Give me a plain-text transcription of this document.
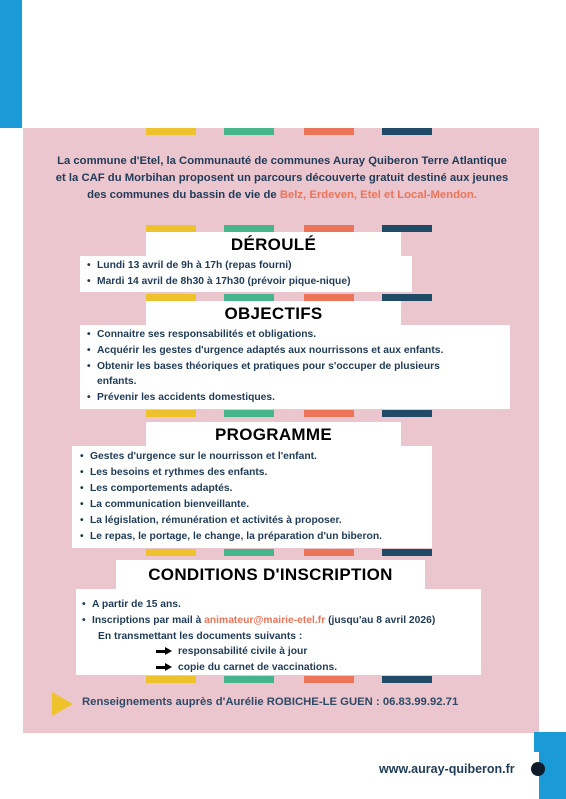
La commune d'Etel, la Communauté de communes Auray Quiberon Terre Atlantique
et la CAF du Morbihan proposent un parcours découverte gratuit destiné aux jeunes
des communes du bassin de vie de Belz, Erdeven, Etel et Local-Mendon.
DÉROULÉ
• Lundi 13 avril de 9h à 17h (repas fourni)
• Mardi 14 avril de 8h30 à 17h30 (prévoir pique-nique)
OBJECTIFS
• Connaitre ses responsabilités et obligations.
• Acquérir les gestes d'urgence adaptés aux nourrissons et aux enfants.
• Obtenir les bases théoriques et pratiques pour s'occuper de plusieurs
enfants.
• Prévenir les accidents domestiques.
PROGRAMME
• Gestes d'urgence sur le nourrisson et l'enfant.
• Les besoins et rythmes des enfants.
• Les comportements adaptés.
• La communication bienveillante.
• La législation, rémunération et activités à proposer.
• Le repas, le portage, le change, la préparation d'un biberon.
CONDITIONS D'INSCRIPTION
• A partir de 15 ans.
• Inscriptions par mail à animateur@mairie-etel.fr (jusqu'au 8 avril 2026)
En transmettant les documents suivants :
responsabilité civile à jour
copie du carnet de vaccinations.
Renseignements auprès d'Aurélie ROBICHE-LE GUEN : 06.83.99.92.71
www.auray-quiberon.fr
